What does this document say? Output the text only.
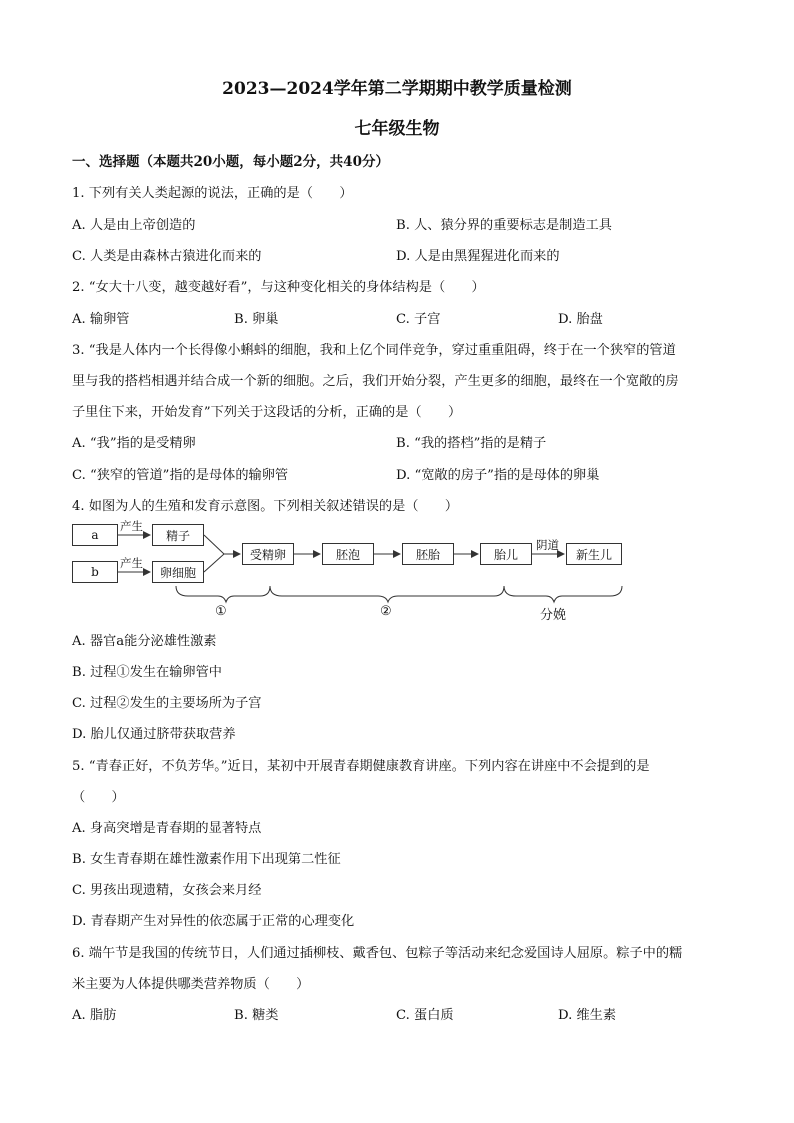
2023—2024学年第二学期期中教学质量检测
七年级生物
一、选择题（本题共20小题，每小题2分，共40分）
1. 下列有关人类起源的说法，正确的是（　　）
A. 人是由上帝创造的	B. 人、猿分界的重要标志是制造工具
C. 人类是由森林古猿进化而来的	D. 人是由黑猩猩进化而来的
2. “女大十八变，越变越好看”，与这种变化相关的身体结构是（　　）
A. 输卵管	B. 卵巢	C. 子宫	D. 胎盘
3. “我是人体内一个长得像小蝌蚪的细胞，我和上亿个同伴竞争，穿过重重阻碍，终于在一个狭窄的管道
里与我的搭档相遇并结合成一个新的细胞。之后，我们开始分裂，产生更多的细胞，最终在一个宽敞的房
子里住下来，开始发育”下列关于这段话的分析，正确的是（　　）
A. “我”指的是受精卵	B. “我的搭档”指的是精子
C. “狭窄的管道”指的是母体的输卵管	D. “宽敞的房子”指的是母体的卵巢
4. 如图为人的生殖和发育示意图。下列相关叙述错误的是（　　）
a
b
产生
产生
精子
卵细胞
受精卵	胚泡	胚胎	胎儿
阴道
新生儿
①	②	分娩
A. 器官a能分泌雄性激素
B. 过程①发生在输卵管中
C. 过程②发生的主要场所为子宫
D. 胎儿仅通过脐带获取营养
5. “青春正好，不负芳华。”近日，某初中开展青春期健康教育讲座。下列内容在讲座中不会提到的是
（　　）
A. 身高突增是青春期的显著特点
B. 女生青春期在雄性激素作用下出现第二性征
C. 男孩出现遗精，女孩会来月经
D. 青春期产生对异性的依恋属于正常的心理变化
6. 端午节是我国的传统节日，人们通过插柳枝、戴香包、包粽子等活动来纪念爱国诗人屈原。粽子中的糯
米主要为人体提供哪类营养物质（　　）
A. 脂肪	B. 糖类	C. 蛋白质	D. 维生素
